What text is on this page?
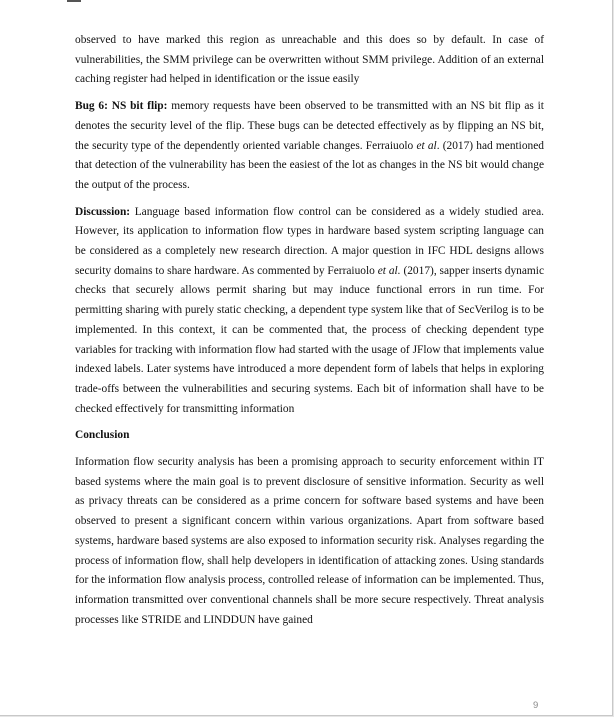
observed to have marked this region as unreachable and this does so by default. In case of vulnerabilities, the SMM privilege can be overwritten without SMM privilege. Addition of an external caching register had helped in identification or the issue easily

Bug 6: NS bit flip: memory requests have been observed to be transmitted with an NS bit flip as it denotes the security level of the flip. These bugs can be detected effectively as by flipping an NS bit, the security type of the dependently oriented variable changes. Ferraiuolo et al. (2017) had mentioned that detection of the vulnerability has been the easiest of the lot as changes in the NS bit would change the output of the process.

Discussion: Language based information flow control can be considered as a widely studied area. However, its application to information flow types in hardware based system scripting language can be considered as a completely new research direction. A major question in IFC HDL designs allows security domains to share hardware. As commented by Ferraiuolo et al. (2017), sapper inserts dynamic checks that securely allows permit sharing but may induce functional errors in run time. For permitting sharing with purely static checking, a dependent type system like that of SecVerilog is to be implemented. In this context, it can be commented that, the process of checking dependent type variables for tracking with information flow had started with the usage of JFlow that implements value indexed labels. Later systems have introduced a more dependent form of labels that helps in exploring trade-offs between the vulnerabilities and securing systems. Each bit of information shall have to be checked effectively for transmitting information

Conclusion

Information flow security analysis has been a promising approach to security enforcement within IT based systems where the main goal is to prevent disclosure of sensitive information. Security as well as privacy threats can be considered as a prime concern for software based systems and have been observed to present a significant concern within various organizations. Apart from software based systems, hardware based systems are also exposed to information security risk. Analyses regarding the process of information flow, shall help developers in identification of attacking zones. Using standards for the information flow analysis process, controlled release of information can be implemented. Thus, information transmitted over conventional channels shall be more secure respectively. Threat analysis processes like STRIDE and LINDDUN have gained

9
